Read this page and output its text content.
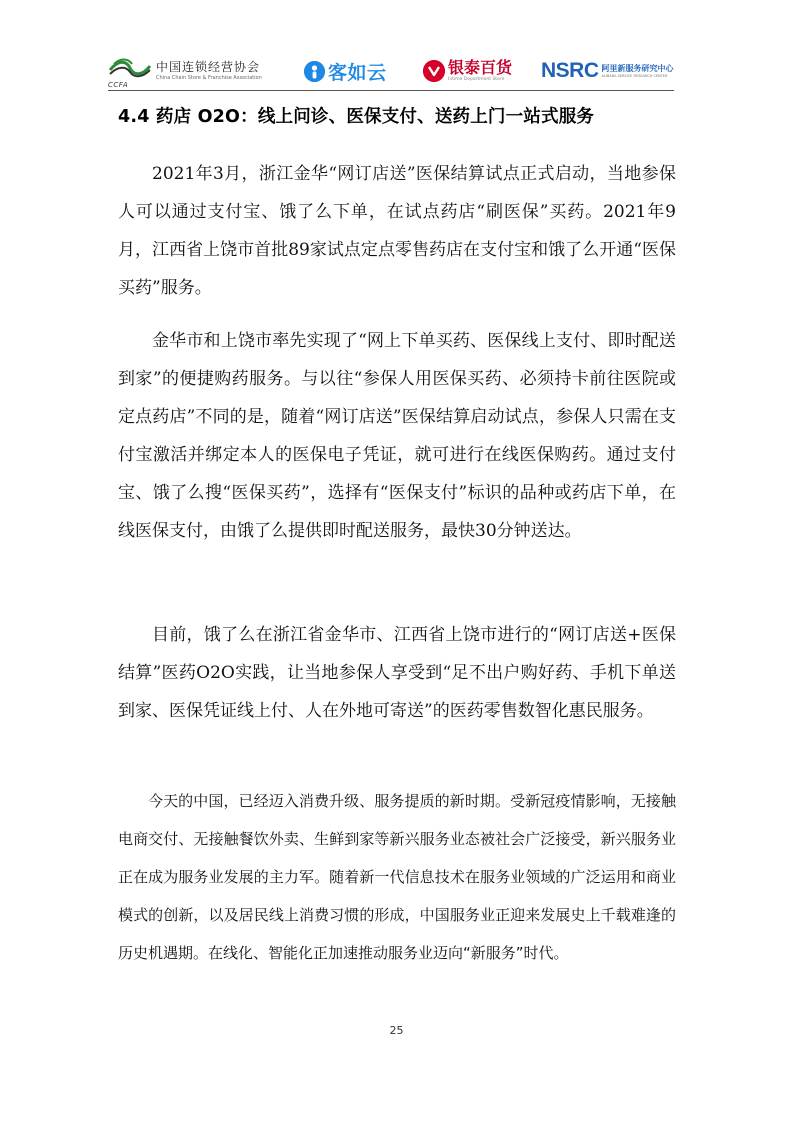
CCFA
中国连锁经营协会
China Chain Store & Franchise Association	客如云	银泰百货
Intime Department Store	NSRC 阿里新服务研究中心
ALIBABA SERVICE RESEARCH CENTER
4.4 药店 O2O：线上问诊、医保支付、送药上门一站式服务

2021年3月，浙江金华“网订店送”医保结算试点正式启动，当地参保人可以通过支付宝、饿了么下单，在试点药店“刷医保”买药。2021年9月，江西省上饶市首批89家试点定点零售药店在支付宝和饿了么开通“医保买药”服务。

金华市和上饶市率先实现了“网上下单买药、医保线上支付、即时配送到家”的便捷购药服务。与以往“参保人用医保买药、必须持卡前往医院或定点药店”不同的是，随着“网订店送”医保结算启动试点，参保人只需在支付宝激活并绑定本人的医保电子凭证，就可进行在线医保购药。通过支付宝、饿了么搜“医保买药”，选择有“医保支付”标识的品种或药店下单，在线医保支付，由饿了么提供即时配送服务，最快30分钟送达。

目前，饿了么在浙江省金华市、江西省上饶市进行的“网订店送+医保结算”医药O2O实践，让当地参保人享受到“足不出户购好药、手机下单送到家、医保凭证线上付、人在外地可寄送”的医药零售数智化惠民服务。

今天的中国，已经迈入消费升级、服务提质的新时期。受新冠疫情影响，无接触电商交付、无接触餐饮外卖、生鲜到家等新兴服务业态被社会广泛接受，新兴服务业正在成为服务业发展的主力军。随着新一代信息技术在服务业领域的广泛运用和商业模式的创新，以及居民线上消费习惯的形成，中国服务业正迎来发展史上千载难逢的历史机遇期。在线化、智能化正加速推动服务业迈向“新服务”时代。

25
